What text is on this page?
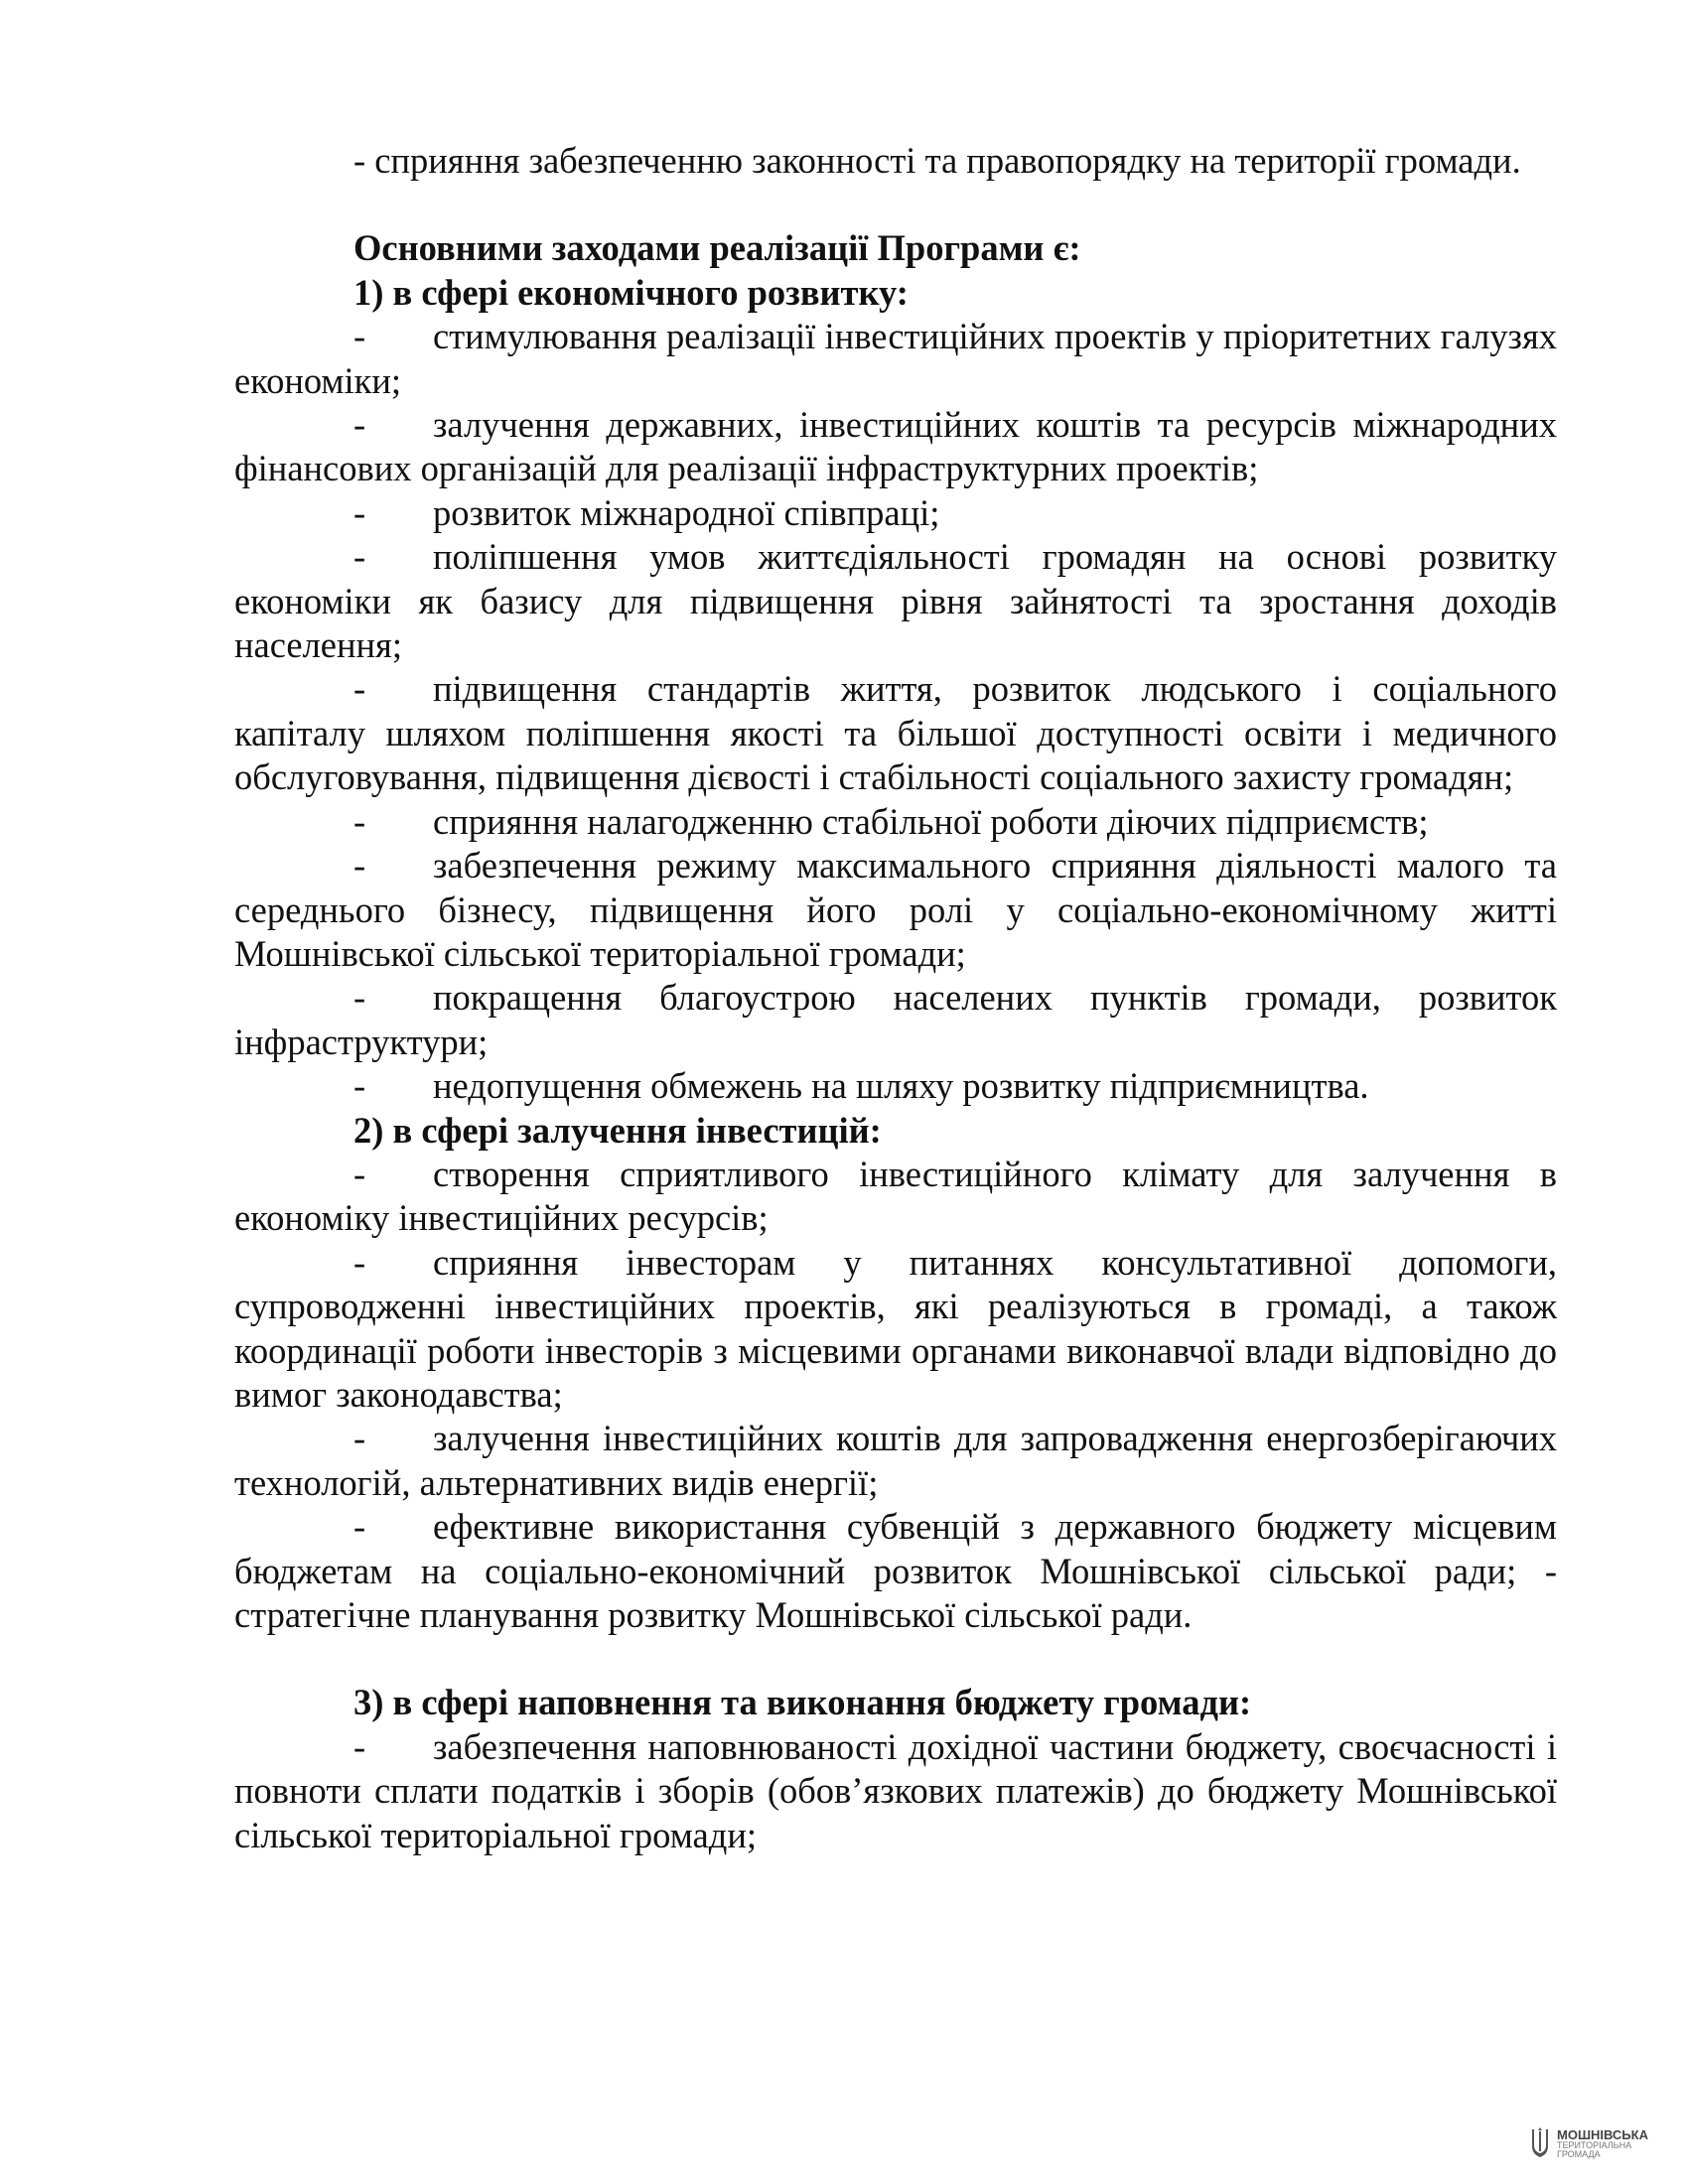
- сприяння забезпеченню законності та правопорядку на території громади.

Основними заходами реалізації Програми є:

1) в сфері економічного розвитку:

- стимулювання реалізації інвестиційних проектів у пріоритетних галузях економіки;

- залучення державних, інвестиційних коштів та ресурсів міжнародних фінансових організацій для реалізації інфраструктурних проектів;

- розвиток міжнародної співпраці;

- поліпшення умов життєдіяльності громадян на основі розвитку економіки як базису для підвищення рівня зайнятості та зростання доходів населення;

- підвищення стандартів життя, розвиток людського і соціального капіталу шляхом поліпшення якості та більшої доступності освіти і медичного обслуговування, підвищення дієвості і стабільності соціального захисту громадян;

- сприяння налагодженню стабільної роботи діючих підприємств;

- забезпечення режиму максимального сприяння діяльності малого та середнього бізнесу, підвищення його ролі у соціально-економічному житті Мошнівської сільської територіальної громади;

- покращення благоустрою населених пунктів громади, розвиток інфраструктури;

- недопущення обмежень на шляху розвитку підприємництва.

2) в сфері залучення інвестицій:

- створення сприятливого інвестиційного клімату для залучення в економіку інвестиційних ресурсів;

- сприяння інвесторам у питаннях консультативної допомоги, супроводженні інвестиційних проектів, які реалізуються в громаді, а також координації роботи інвесторів з місцевими органами виконавчої влади відповідно до вимог законодавства;

- залучення інвестиційних коштів для запровадження енергозберігаючих технологій, альтернативних видів енергії;

- ефективне використання субвенцій з державного бюджету місцевим бюджетам на соціально-економічний розвиток Мошнівської сільської ради; - стратегічне планування розвитку Мошнівської сільської ради.

3) в сфері наповнення та виконання бюджету громади:

- забезпечення наповнюваності дохідної частини бюджету, своєчасності і повноти сплати податків і зборів (обов’язкових платежів) до бюджету Мошнівської сільської територіальної громади;

МОШНІВСЬКА
ТЕРИТОРІАЛЬНА
ГРОМАДА
